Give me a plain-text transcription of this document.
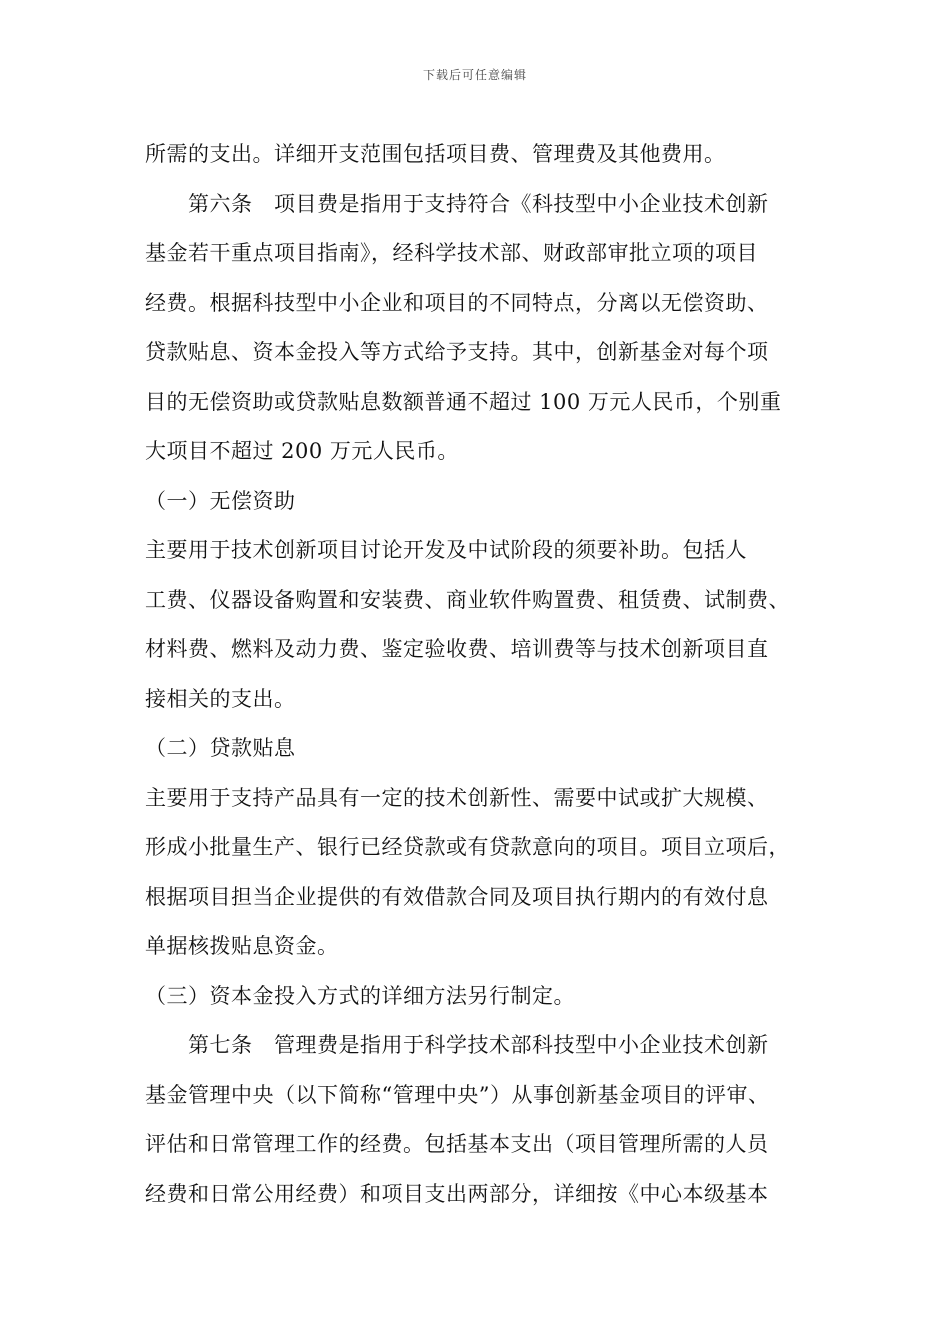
下载后可任意编辑

所需的支出。详细开支范围包括项目费、管理费及其他费用。

　　第六条　项目费是指用于支持符合《科技型中小企业技术创新

基金若干重点项目指南》，经科学技术部、财政部审批立项的项目

经费。根据科技型中小企业和项目的不同特点，分离以无偿资助、

贷款贴息、资本金投入等方式给予支持。其中，创新基金对每个项

目的无偿资助或贷款贴息数额普通不超过 100 万元人民币，个别重

大项目不超过 200 万元人民币。

（一）无偿资助

主要用于技术创新项目讨论开发及中试阶段的须要补助。包括人

工费、仪器设备购置和安装费、商业软件购置费、租赁费、试制费、

材料费、燃料及动力费、鉴定验收费、培训费等与技术创新项目直

接相关的支出。

（二）贷款贴息

主要用于支持产品具有一定的技术创新性、需要中试或扩大规模、

形成小批量生产、银行已经贷款或有贷款意向的项目。项目立项后，

根据项目担当企业提供的有效借款合同及项目执行期内的有效付息

单据核拨贴息资金。

（三）资本金投入方式的详细方法另行制定。

　　第七条　管理费是指用于科学技术部科技型中小企业技术创新

基金管理中央（以下简称“管理中央”）从事创新基金项目的评审、

评估和日常管理工作的经费。包括基本支出（项目管理所需的人员

经费和日常公用经费）和项目支出两部分，详细按《中心本级基本
